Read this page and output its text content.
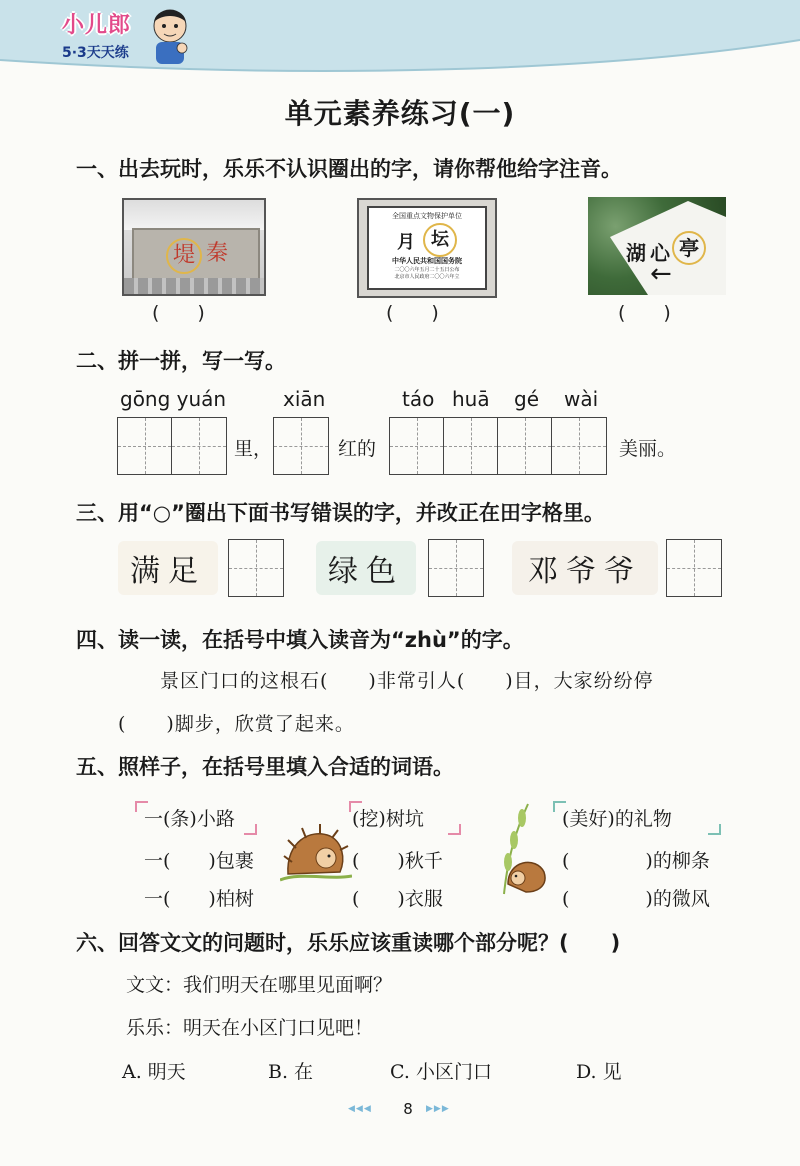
小儿郎
5·3天天练
单元素养练习(一)
一、出去玩时，乐乐不认识圈出的字，请你帮他给字注音。
堤 秦
全国重点文物保护单位
月 坛
中华人民共和国国务院
二〇〇六年五月二十五日公布
北京市人民政府二〇〇六年立
湖 心 亭
←
(　　)	(　　)	(　　)
二、拼一拼，写一写。
gōng yuán	xiān	táo huā gé wài
里，	红的	美丽。
三、用“○”圈出下面书写错误的字，并改正在田字格里。
满足	绿色	邓爷爷
四、读一读，在括号中填入读音为“zhù”的字。
景区门口的这根石(　　)非常引人(　　)目，大家纷纷停
(　　)脚步，欣赏了起来。
五、照样子，在括号里填入合适的词语。
一(条)小路
一(　　)包裹
一(　　)柏树
(挖)树坑
(　　)秋千
(　　)衣服
(美好)的礼物
(　　　　)的柳条
(　　　　)的微风
六、回答文文的问题时，乐乐应该重读哪个部分呢？(　　)
文文：我们明天在哪里见面啊？
乐乐：明天在小区门口见吧！
A. 明天	B. 在	C. 小区门口	D. 见
◀◀◀	8	▶▶▶
